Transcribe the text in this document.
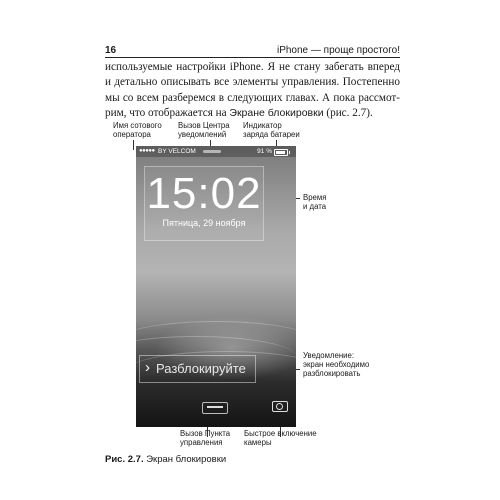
16	iPhone — проще простого!
используемые настройки iPhone. Я не стану забегать вперед и детально описывать все элементы управления. Постепенно мы со всем разберемся в следующих главах. А пока рассмот- рим, что отображается на Экране блокировки (рис. 2.7).
Имя сотового
оператора
Вызов Центра
уведомлений
Индикатор
заряда батареи
Время
и дата
Уведомление:
экран необходимо
разблокировать
Вызов Пункта
управления
Быстрое включение
камеры
●●●●● BY VELCOM	91 %
15:02
Пятница, 29 ноября
› Разблокируйте
Рис. 2.7. Экран блокировки
